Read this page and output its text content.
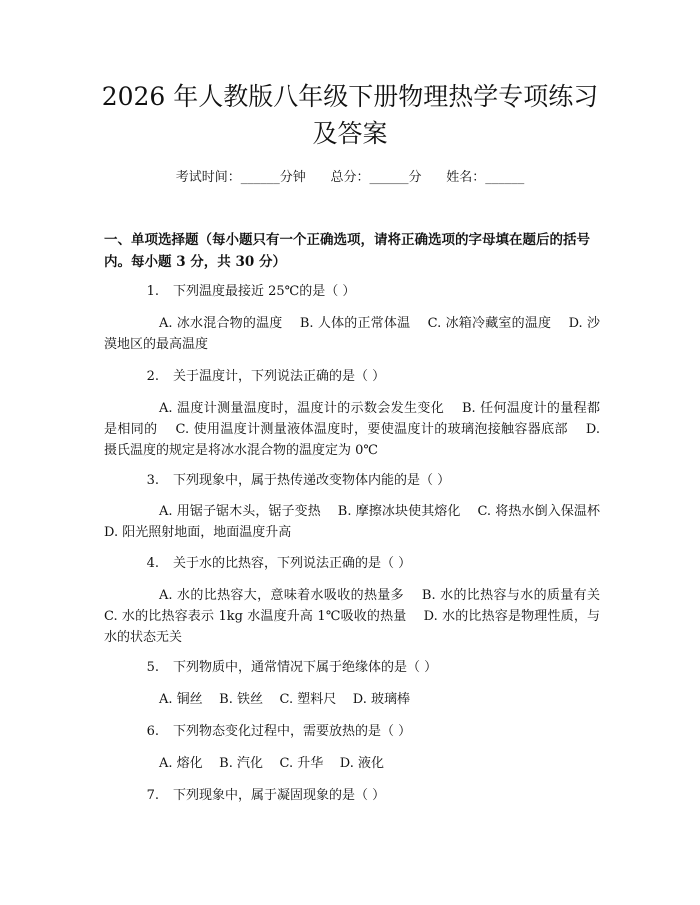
2026 年人教版八年级下册物理热学专项练习
及答案
考试时间：______分钟      总分：______分      姓名：______
一、单项选择题（每小题只有一个正确选项，请将正确选项的字母填在题后的括号内。每小题 3 分，共 30 分）
1. 下列温度最接近 25℃的是（ ）
A. 冰水混合物的温度    B. 人体的正常体温    C. 冰箱冷藏室的温度    D. 沙漠地区的最高温度
2. 关于温度计，下列说法正确的是（ ）
A. 温度计测量温度时，温度计的示数会发生变化    B. 任何温度计的量程都是相同的    C. 使用温度计测量液体温度时，要使温度计的玻璃泡接触容器底部    D. 摄氏温度的规定是将冰水混合物的温度定为 0℃
3. 下列现象中，属于热传递改变物体内能的是（ ）
A. 用锯子锯木头，锯子变热    B. 摩擦冰块使其熔化    C. 将热水倒入保温杯    D. 阳光照射地面，地面温度升高
4. 关于水的比热容，下列说法正确的是（ ）
A. 水的比热容大，意味着水吸收的热量多    B. 水的比热容与水的质量有关    C. 水的比热容表示 1kg 水温度升高 1℃吸收的热量    D. 水的比热容是物理性质，与水的状态无关
5. 下列物质中，通常情况下属于绝缘体的是（ ）
A. 铜丝    B. 铁丝    C. 塑料尺    D. 玻璃棒
6. 下列物态变化过程中，需要放热的是（ ）
A. 熔化    B. 汽化    C. 升华    D. 液化
7. 下列现象中，属于凝固现象的是（ ）
